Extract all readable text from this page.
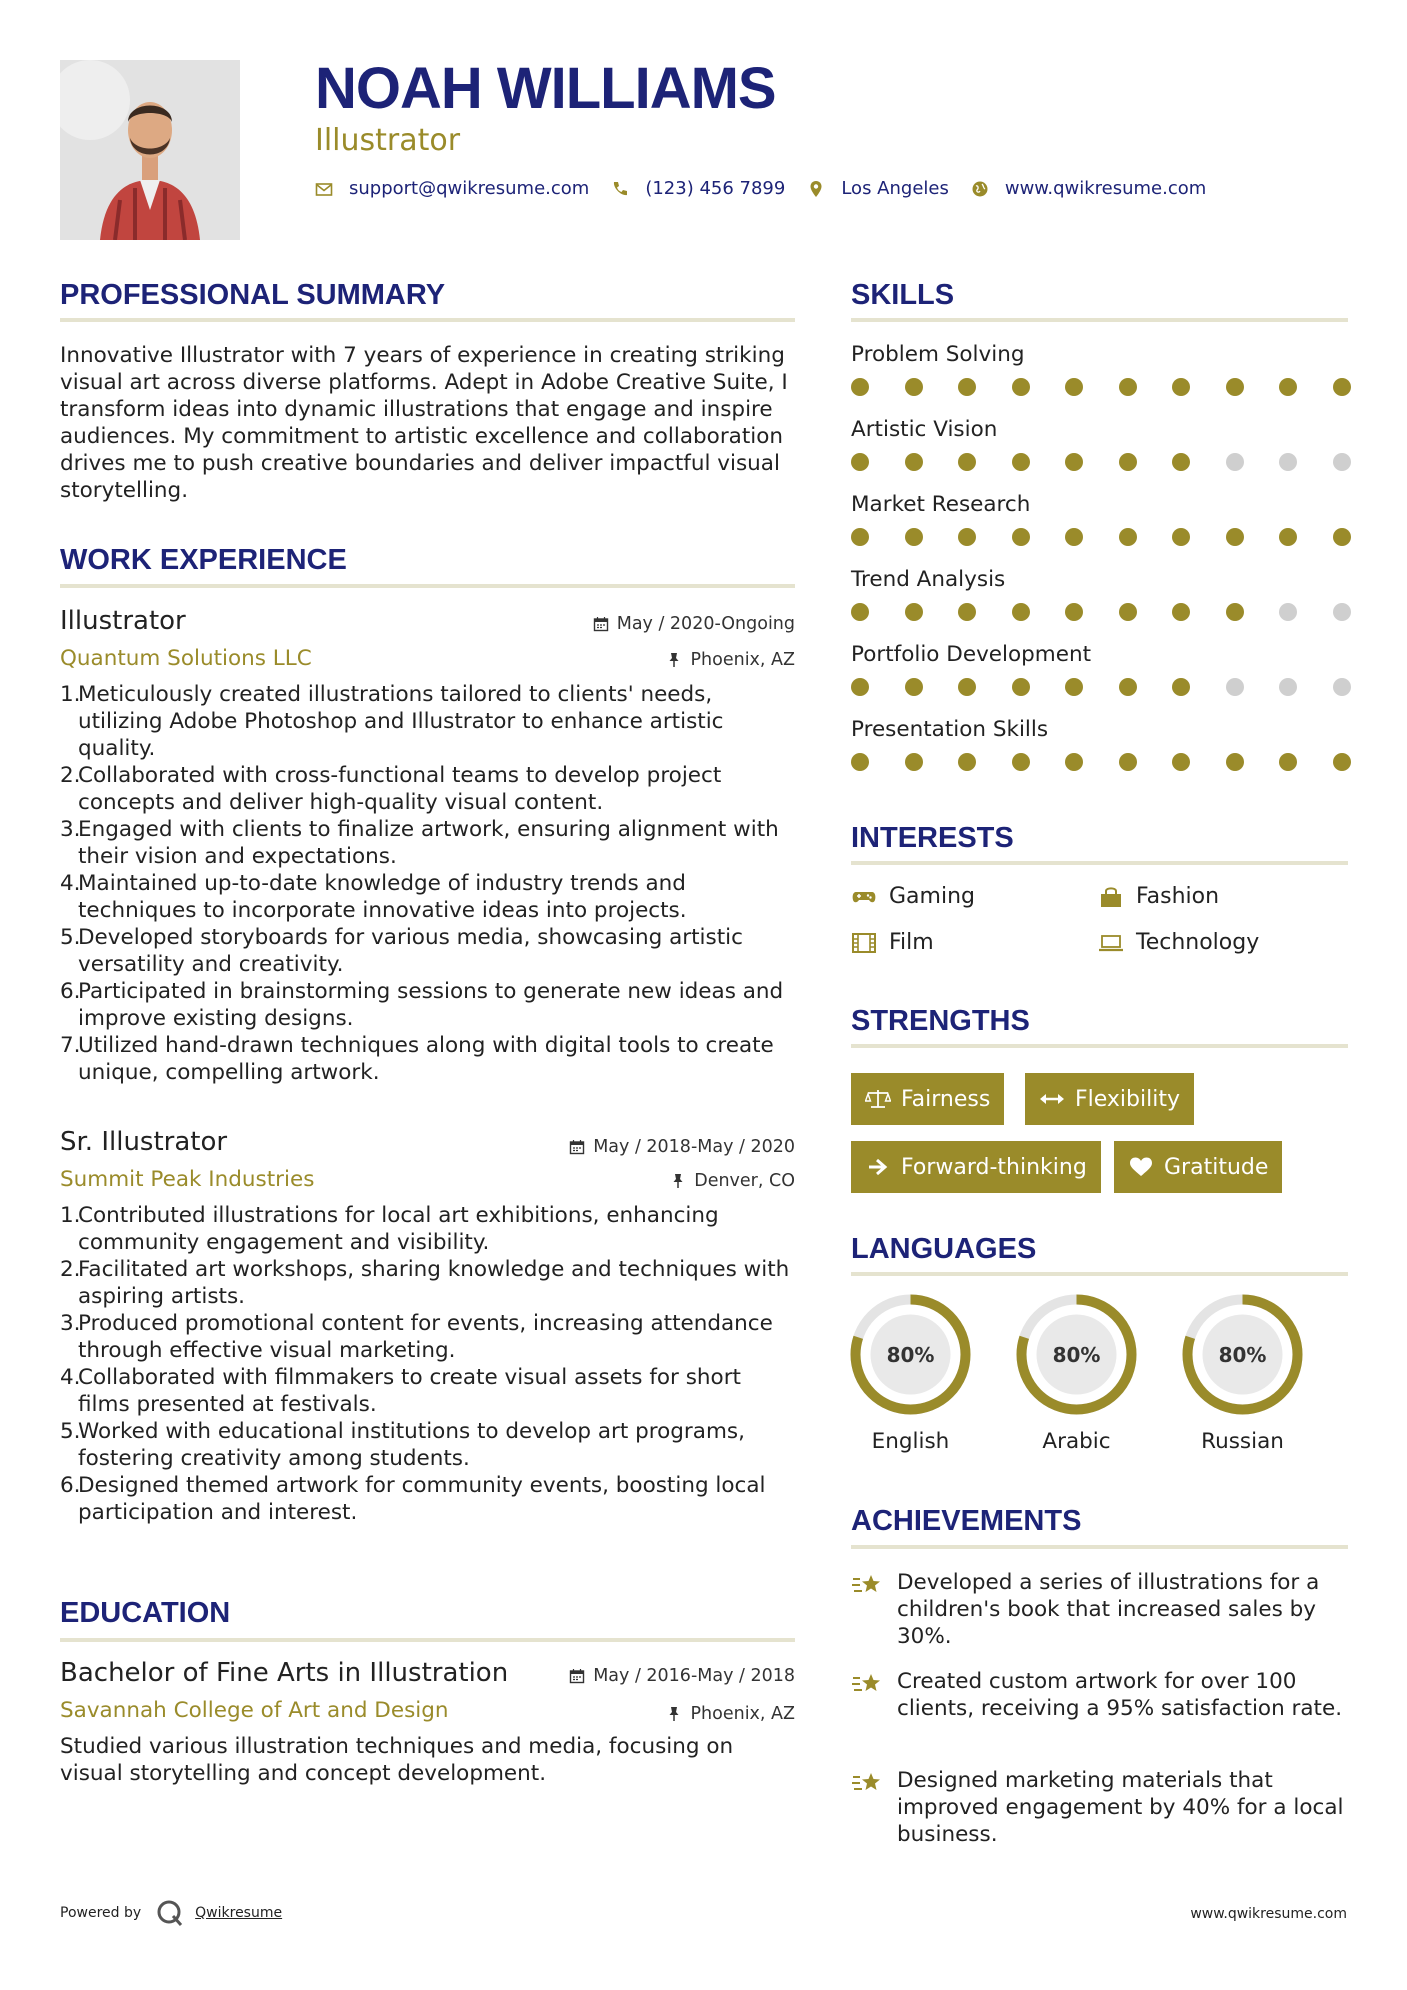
NOAH WILLIAMS
Illustrator
support@qwikresume.com	(123) 456 7899	Los Angeles	www.qwikresume.com
PROFESSIONAL SUMMARY
Innovative Illustrator with 7 years of experience in creating striking visual art across diverse platforms. Adept in Adobe Creative Suite, I transform ideas into dynamic illustrations that engage and inspire audiences. My commitment to artistic excellence and collaboration drives me to push creative boundaries and deliver impactful visual storytelling.
WORK EXPERIENCE
Illustrator
Quantum Solutions LLC
May / 2020-Ongoing
Phoenix, AZ
1.
Meticulously created illustrations tailored to clients' needs, utilizing Adobe Photoshop and Illustrator to enhance artistic quality.
2.
Collaborated with cross-functional teams to develop project concepts and deliver high-quality visual content.
3.
Engaged with clients to finalize artwork, ensuring alignment with their vision and expectations.
4.
Maintained up-to-date knowledge of industry trends and techniques to incorporate innovative ideas into projects.
5.
Developed storyboards for various media, showcasing artistic versatility and creativity.
6.
Participated in brainstorming sessions to generate new ideas and improve existing designs.
7.
Utilized hand-drawn techniques along with digital tools to create unique, compelling artwork.
Sr. Illustrator
Summit Peak Industries
May / 2018-May / 2020
Denver, CO
1.
Contributed illustrations for local art exhibitions, enhancing community engagement and visibility.
2.
Facilitated art workshops, sharing knowledge and techniques with aspiring artists.
3.
Produced promotional content for events, increasing attendance through effective visual marketing.
4.
Collaborated with filmmakers to create visual assets for short films presented at festivals.
5.
Worked with educational institutions to develop art programs, fostering creativity among students.
6.
Designed themed artwork for community events, boosting local participation and interest.
EDUCATION
Bachelor of Fine Arts in Illustration
Savannah College of Art and Design
May / 2016-May / 2018
Phoenix, AZ
Studied various illustration techniques and media, focusing on visual storytelling and concept development.
SKILLS
Problem Solving
Artistic Vision
Market Research
Trend Analysis
Portfolio Development
Presentation Skills
INTERESTS
Gaming	Fashion
Film	Technology
STRENGTHS
Fairness	Flexibility
Forward-thinking	Gratitude
LANGUAGES
80%
English
80%
Arabic
80%
Russian
ACHIEVEMENTS
Developed a series of illustrations for a children's book that increased sales by 30%.
Created custom artwork for over 100 clients, receiving a 95% satisfaction rate.
Designed marketing materials that improved engagement by 40% for a local business.
Powered by	Qwikresume	www.qwikresume.com
